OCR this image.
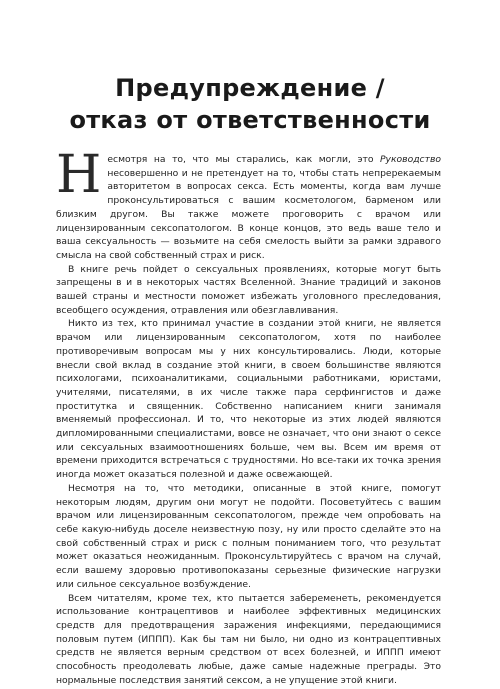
Предупреждение /
отказ от ответственности

Несмотря на то, что мы старались, как могли, это Руководство несовершенно и не претендует на то, чтобы стать непререкаемым авторитетом в вопросах секса. Есть моменты, когда вам лучше проконсультироваться с вашим косметологом, барменом или близким другом. Вы также можете проговорить с врачом или лицензированным сексопатологом. В конце концов, это ведь ваше тело и ваша сексуальность — возьмите на себя смелость выйти за рамки здравого смысла на свой собственный страх и риск.

В книге речь пойдет о сексуальных проявлениях, которые могут быть запрещены в и в некоторых частях Вселенной. Знание традиций и законов вашей страны и местности поможет избежать уголовного преследования, всеобщего осуждения, отравления или обезглавливания.

Никто из тех, кто принимал участие в создании этой книги, не является врачом или лицензированным сексопатологом, хотя по наиболее противоречивым вопросам мы у них консультировались. Люди, которые внесли свой вклад в создание этой книги, в своем большинстве являются психологами, психоаналитиками, социальными работниками, юристами, учителями, писателями, в их числе также пара серфингистов и даже проститутка и священник. Собственно написанием книги занималя вменяемый профессионал. И то, что некоторые из этих людей являются дипломированными специалистами, вовсе не означает, что они знают о сексе или сексуальных взаимоотношениях больше, чем вы. Всем им время от времени приходится встречаться с трудностями. Но все-таки их точка зрения иногда может оказаться полезной и даже освежающей.

Несмотря на то, что методики, описанные в этой книге, помогут некоторым людям, другим они могут не подойти. Посоветуйтесь с вашим врачом или лицензированным сексопатологом, прежде чем опробовать на себе какую-нибудь доселе неизвестную позу, ну или просто сделайте это на свой собственный страх и риск с полным пониманием того, что результат может оказаться неожиданным. Проконсультируйтесь с врачом на случай, если вашему здоровью противопоказаны серьезные физические нагрузки или сильное сексуальное возбуждение.

Всем читателям, кроме тех, кто пытается забеременеть, рекомендуется использование контрацептивов и наиболее эффективных медицинских средств для предотвращения заражения инфекциями, передающимися половым путем (ИППП). Как бы там ни было, ни одно из контрацептивных средств не является верным средством от всех болезней, и ИППП имеют способность преодолевать любые, даже самые надежные преграды. Это нормальные последствия занятий сексом, а не упущение этой книги.
